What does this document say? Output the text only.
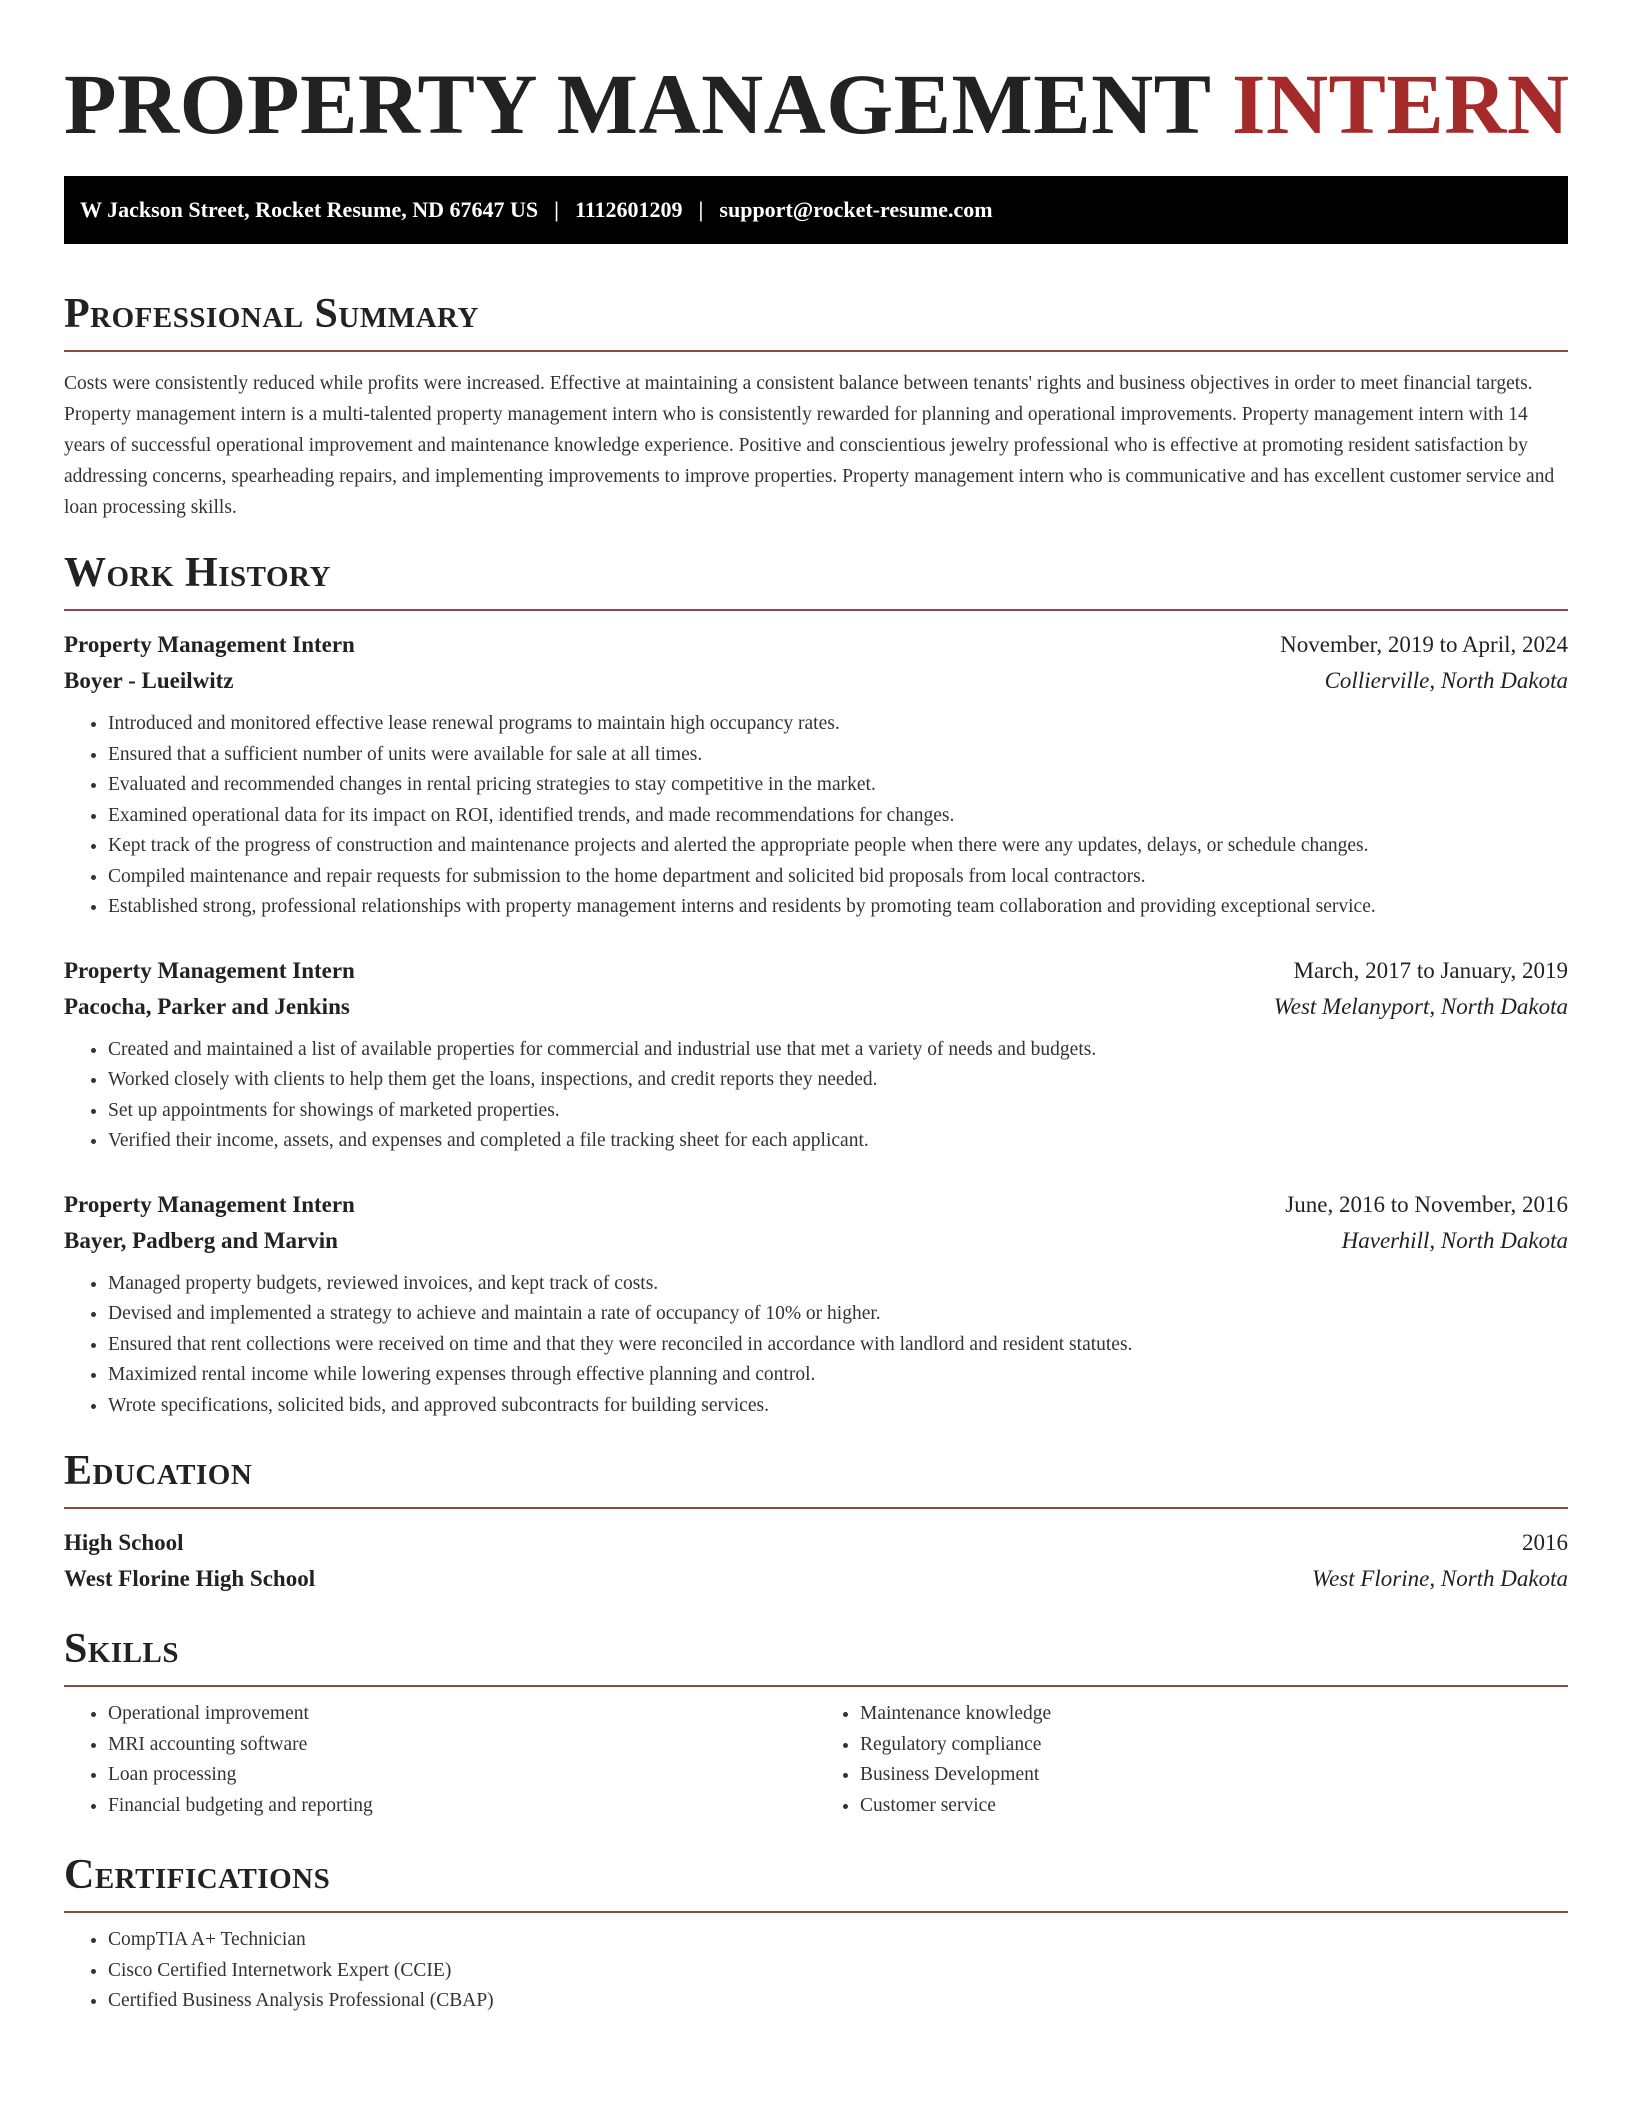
PROPERTY MANAGEMENT INTERN
W Jackson Street, Rocket Resume, ND 67647 US | 1112601209 | support@rocket-resume.com
Professional Summary

Costs were consistently reduced while profits were increased. Effective at maintaining a consistent balance between tenants' rights and business objectives in order to meet financial targets. Property management intern is a multi-talented property management intern who is consistently rewarded for planning and operational improvements. Property management intern with 14 years of successful operational improvement and maintenance knowledge experience. Positive and conscientious jewelry professional who is effective at promoting resident satisfaction by addressing concerns, spearheading repairs, and implementing improvements to improve properties. Property management intern who is communicative and has excellent customer service and loan processing skills.

Work History
Property Management Intern	November, 2019 to April, 2024
Boyer - Lueilwitz	Collierville, North Dakota
• Introduced and monitored effective lease renewal programs to maintain high occupancy rates.
• Ensured that a sufficient number of units were available for sale at all times.
• Evaluated and recommended changes in rental pricing strategies to stay competitive in the market.
• Examined operational data for its impact on ROI, identified trends, and made recommendations for changes.
• Kept track of the progress of construction and maintenance projects and alerted the appropriate people when there were any updates, delays, or schedule changes.
• Compiled maintenance and repair requests for submission to the home department and solicited bid proposals from local contractors.
• Established strong, professional relationships with property management interns and residents by promoting team collaboration and providing exceptional service.
Property Management Intern	March, 2017 to January, 2019
Pacocha, Parker and Jenkins	West Melanyport, North Dakota
• Created and maintained a list of available properties for commercial and industrial use that met a variety of needs and budgets.
• Worked closely with clients to help them get the loans, inspections, and credit reports they needed.
• Set up appointments for showings of marketed properties.
• Verified their income, assets, and expenses and completed a file tracking sheet for each applicant.
Property Management Intern	June, 2016 to November, 2016
Bayer, Padberg and Marvin	Haverhill, North Dakota
• Managed property budgets, reviewed invoices, and kept track of costs.
• Devised and implemented a strategy to achieve and maintain a rate of occupancy of 10% or higher.
• Ensured that rent collections were received on time and that they were reconciled in accordance with landlord and resident statutes.
• Maximized rental income while lowering expenses through effective planning and control.
• Wrote specifications, solicited bids, and approved subcontracts for building services.
Education
High School	2016
West Florine High School	West Florine, North Dakota
Skills
• Operational improvement
• MRI accounting software
• Loan processing
• Financial budgeting and reporting
• Maintenance knowledge
• Regulatory compliance
• Business Development
• Customer service
Certifications
• CompTIA A+ Technician
• Cisco Certified Internetwork Expert (CCIE)
• Certified Business Analysis Professional (CBAP)
